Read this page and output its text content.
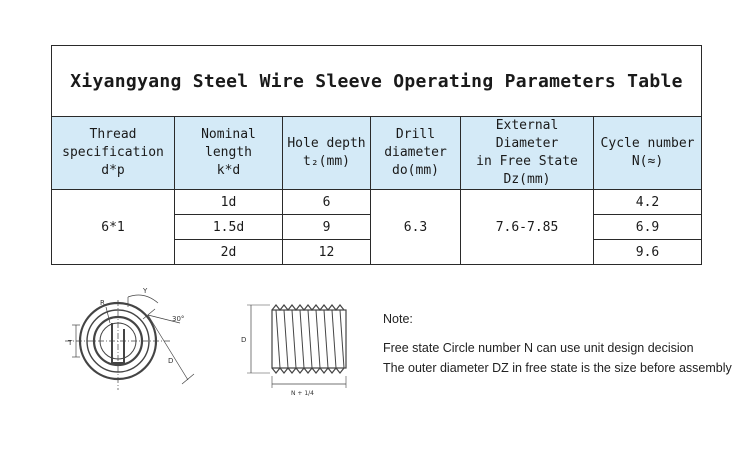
Xiyangyang Steel Wire Sleeve Operating Parameters Table					

Thread
specification
d*p	Nominal
length
k*d	Hole depth
t₂(mm)	Drill
diameter
do(mm)	External
Diameter
in Free State
Dz(mm)	Cycle number
N(≈)

6*1	1d	6	6.3	7.6-7.85	4.2
	1.5d	9			6.9
	2d	12			9.6
R
Y
30°
T
D
D
N + 1/4
Note:
Free state Circle number N can use unit design decision
The outer diameter DZ in free state is the size before assembly
